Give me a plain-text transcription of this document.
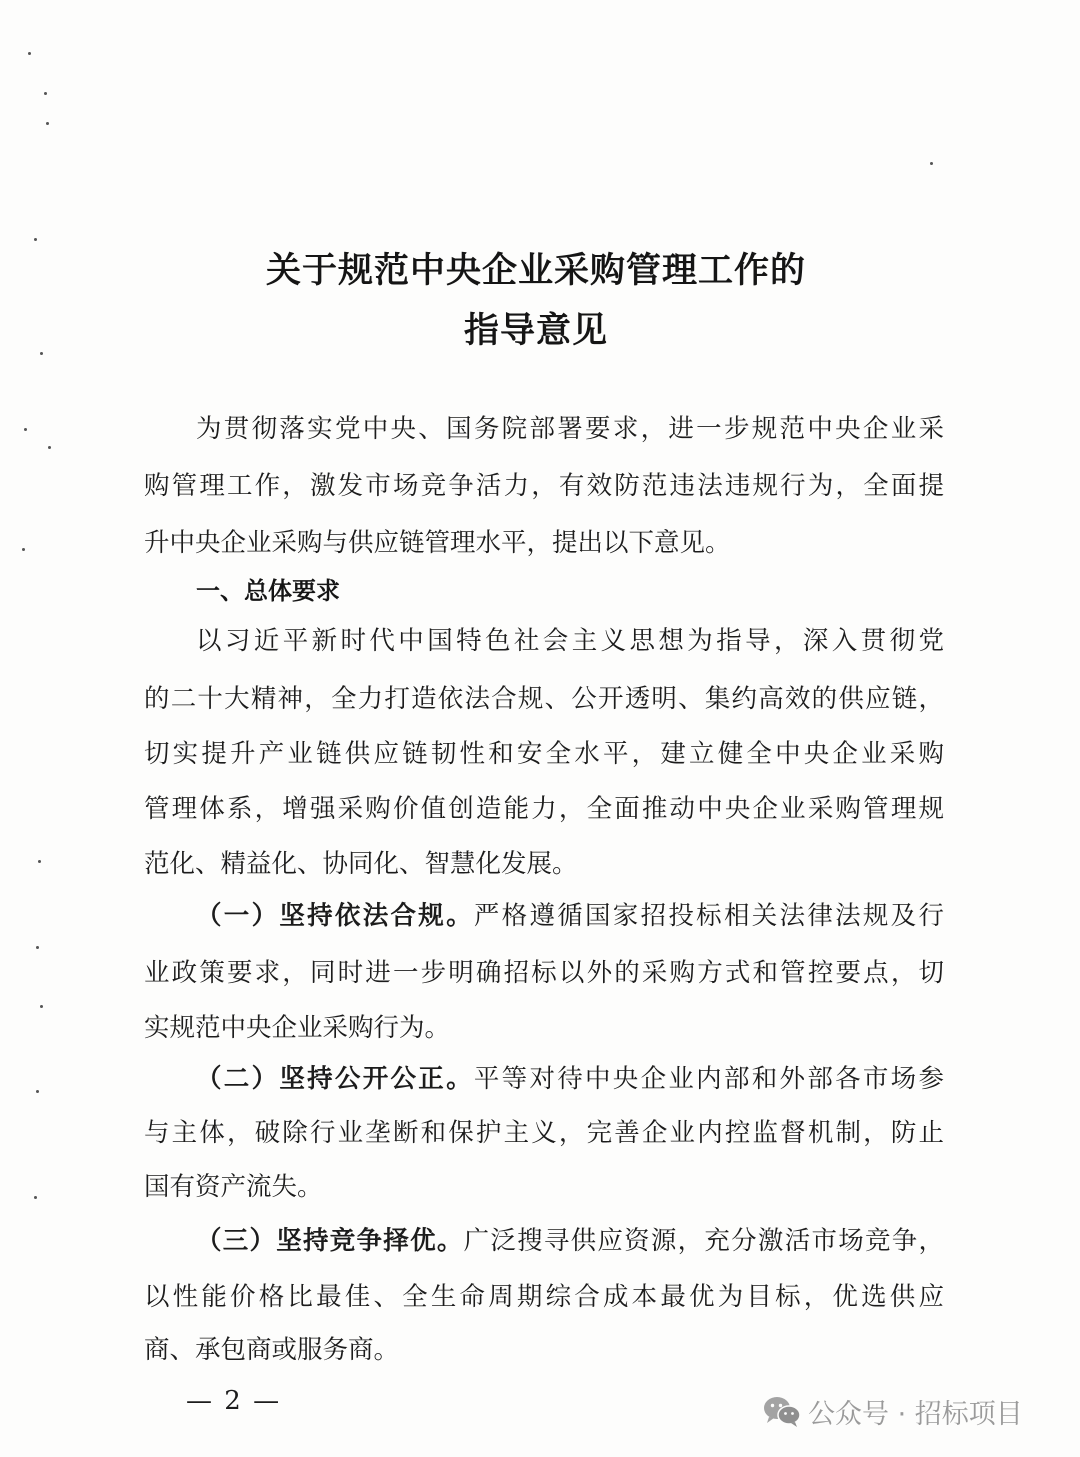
关于规范中央企业采购管理工作的
指导意见

为贯彻落实党中央、国务院部署要求，进一步规范中央企业采

购管理工作，激发市场竞争活力，有效防范违法违规行为，全面提

升中央企业采购与供应链管理水平，提出以下意见。

一、总体要求

以习近平新时代中国特色社会主义思想为指导，深入贯彻党

的二十大精神，全力打造依法合规、公开透明、集约高效的供应链，

切实提升产业链供应链韧性和安全水平，建立健全中央企业采购

管理体系，增强采购价值创造能力，全面推动中央企业采购管理规

范化、精益化、协同化、智慧化发展。

（一）坚持依法合规。严格遵循国家招投标相关法律法规及行

业政策要求，同时进一步明确招标以外的采购方式和管控要点，切

实规范中央企业采购行为。

（二）坚持公开公正。平等对待中央企业内部和外部各市场参

与主体，破除行业垄断和保护主义，完善企业内控监督机制，防止

国有资产流失。

（三）坚持竞争择优。广泛搜寻供应资源，充分激活市场竞争，

以性能价格比最佳、全生命周期综合成本最优为目标，优选供应

商、承包商或服务商。

— 2 —	公众号 · 招标项目
